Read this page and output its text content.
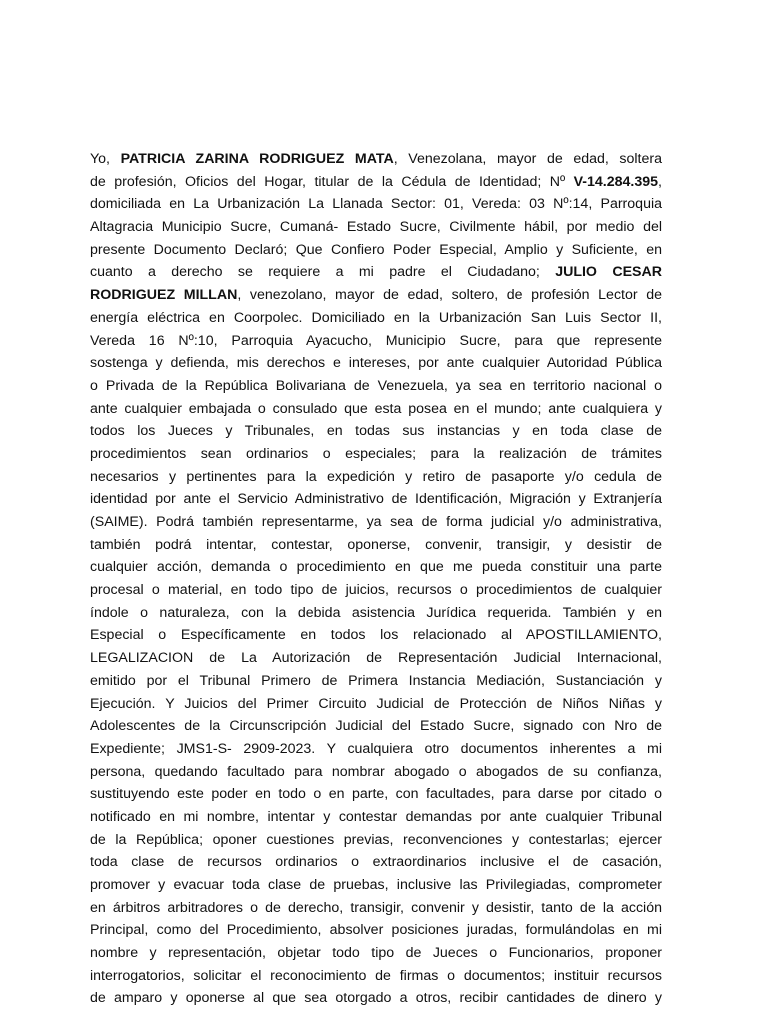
Yo, PATRICIA ZARINA RODRIGUEZ MATA, Venezolana, mayor de edad, soltera
de profesión, Oficios del Hogar, titular de la Cédula de Identidad; Nº V-14.284.395,
domiciliada en La Urbanización La Llanada Sector: 01, Vereda: 03 Nº:14, Parroquia
Altagracia Municipio Sucre, Cumaná- Estado Sucre, Civilmente hábil, por medio del
presente Documento Declaró; Que Confiero Poder Especial, Amplio y Suficiente, en
cuanto a derecho se requiere a mi padre el Ciudadano; JULIO CESAR
RODRIGUEZ MILLAN, venezolano, mayor de edad, soltero, de profesión Lector de
energía eléctrica en Coorpolec. Domiciliado en la Urbanización San Luis Sector II,
Vereda 16 Nº:10, Parroquia Ayacucho, Municipio Sucre, para que represente
sostenga y defienda, mis derechos e intereses, por ante cualquier Autoridad Pública
o Privada de la República Bolivariana de Venezuela, ya sea en territorio nacional o
ante cualquier embajada o consulado que esta posea en el mundo; ante cualquiera y
todos los Jueces y Tribunales, en todas sus instancias y en toda clase de
procedimientos sean ordinarios o especiales; para la realización de trámites
necesarios y pertinentes para la expedición y retiro de pasaporte y/o cedula de
identidad por ante el Servicio Administrativo de Identificación, Migración y Extranjería
(SAIME). Podrá también representarme, ya sea de forma judicial y/o administrativa,
también podrá intentar, contestar, oponerse, convenir, transigir, y desistir de
cualquier acción, demanda o procedimiento en que me pueda constituir una parte
procesal o material, en todo tipo de juicios, recursos o procedimientos de cualquier
índole o naturaleza, con la debida asistencia Jurídica requerida. También y en
Especial o Específicamente en todos los relacionado al APOSTILLAMIENTO,
LEGALIZACION de La Autorización de Representación Judicial Internacional,
emitido por el Tribunal Primero de Primera Instancia Mediación, Sustanciación y
Ejecución. Y Juicios del Primer Circuito Judicial de Protección de Niños Niñas y
Adolescentes de la Circunscripción Judicial del Estado Sucre, signado con Nro de
Expediente; JMS1-S- 2909-2023. Y cualquiera otro documentos inherentes a mi
persona, quedando facultado para nombrar abogado o abogados de su confianza,
sustituyendo este poder en todo o en parte, con facultades, para darse por citado o
notificado en mi nombre, intentar y contestar demandas por ante cualquier Tribunal
de la República; oponer cuestiones previas, reconvenciones y contestarlas; ejercer
toda clase de recursos ordinarios o extraordinarios inclusive el de casación,
promover y evacuar toda clase de pruebas, inclusive las Privilegiadas, comprometer
en árbitros arbitradores o de derecho, transigir, convenir y desistir, tanto de la acción
Principal, como del Procedimiento, absolver posiciones juradas, formulándolas en mi
nombre y representación, objetar todo tipo de Jueces o Funcionarios, proponer
interrogatorios, solicitar el reconocimiento de firmas o documentos; instituir recursos
de amparo y oponerse al que sea otorgado a otros, recibir cantidades de dinero y
